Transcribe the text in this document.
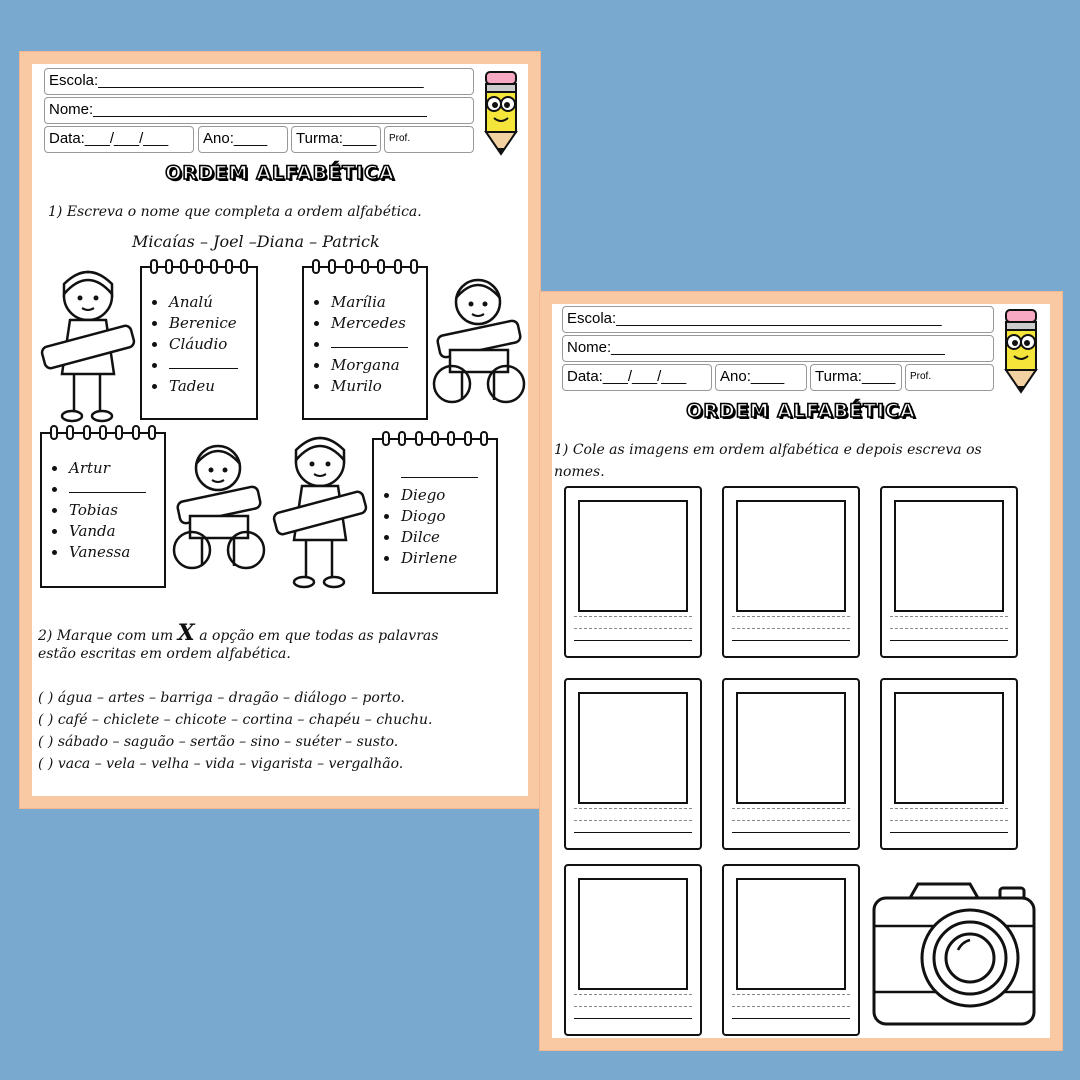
Escola:_______________________________________
Nome:________________________________________
Data:___/___/___	Ano:____	Turma:____	Prof.
ORDEM ALFABÉTICA
1) Escreva o nome que completa a ordem alfabética.
Micaías – Joel –Diana – Patrick
Analú
Berenice
Cláudio
Tadeu
Marília
Mercedes
Morgana
Murilo
Artur
Tobias
Vanda
Vanessa
Diego
Diogo
Dilce
Dirlene
2) Marque com um X a opção em que todas as palavras
estão escritas em ordem alfabética.
( ) água – artes – barriga – dragão – diálogo – porto.
( ) café – chiclete – chicote – cortina – chapéu – chuchu.
( ) sábado – saguão – sertão – sino – suéter – susto.
( ) vaca – vela – velha – vida – vigarista – vergalhão.
Escola:_______________________________________
Nome:________________________________________
Data:___/___/___	Ano:____	Turma:____	Prof.
ORDEM ALFABÉTICA
1) Cole as imagens em ordem alfabética e depois escreva os
nomes.
